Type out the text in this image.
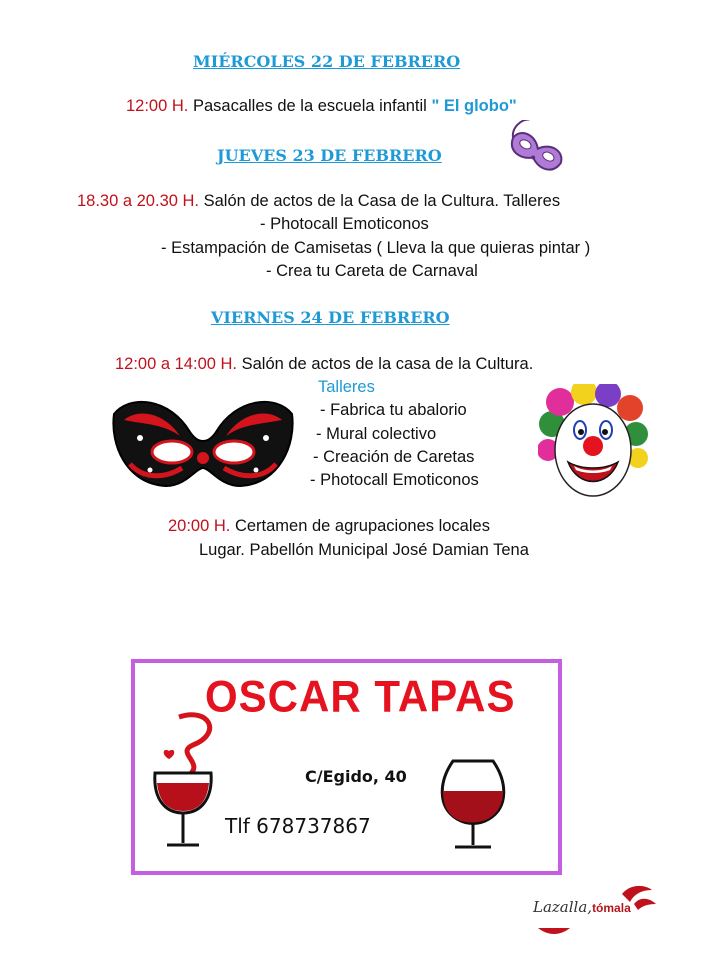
MIÉRCOLES 22 DE FEBRERO
12:00 H. Pasacalles de la escuela infantil " El globo"
JUEVES 23 DE FEBRERO
18.30 a 20.30 H. Salón de actos de la Casa de la Cultura. Talleres
- Photocall Emoticonos
- Estampación de Camisetas ( Lleva la que quieras pintar )
- Crea tu Careta de Carnaval
VIERNES 24 DE FEBRERO
12:00 a 14:00 H. Salón de actos de la casa de la Cultura.
Talleres
- Fabrica tu abalorio
- Mural colectivo
- Creación de Caretas
- Photocall Emoticonos
20:00 H. Certamen de agrupaciones locales
Lugar. Pabellón Municipal José Damian Tena
OSCAR TAPAS
C/Egido, 40
Tlf 678737867
Lazalla,tómala
